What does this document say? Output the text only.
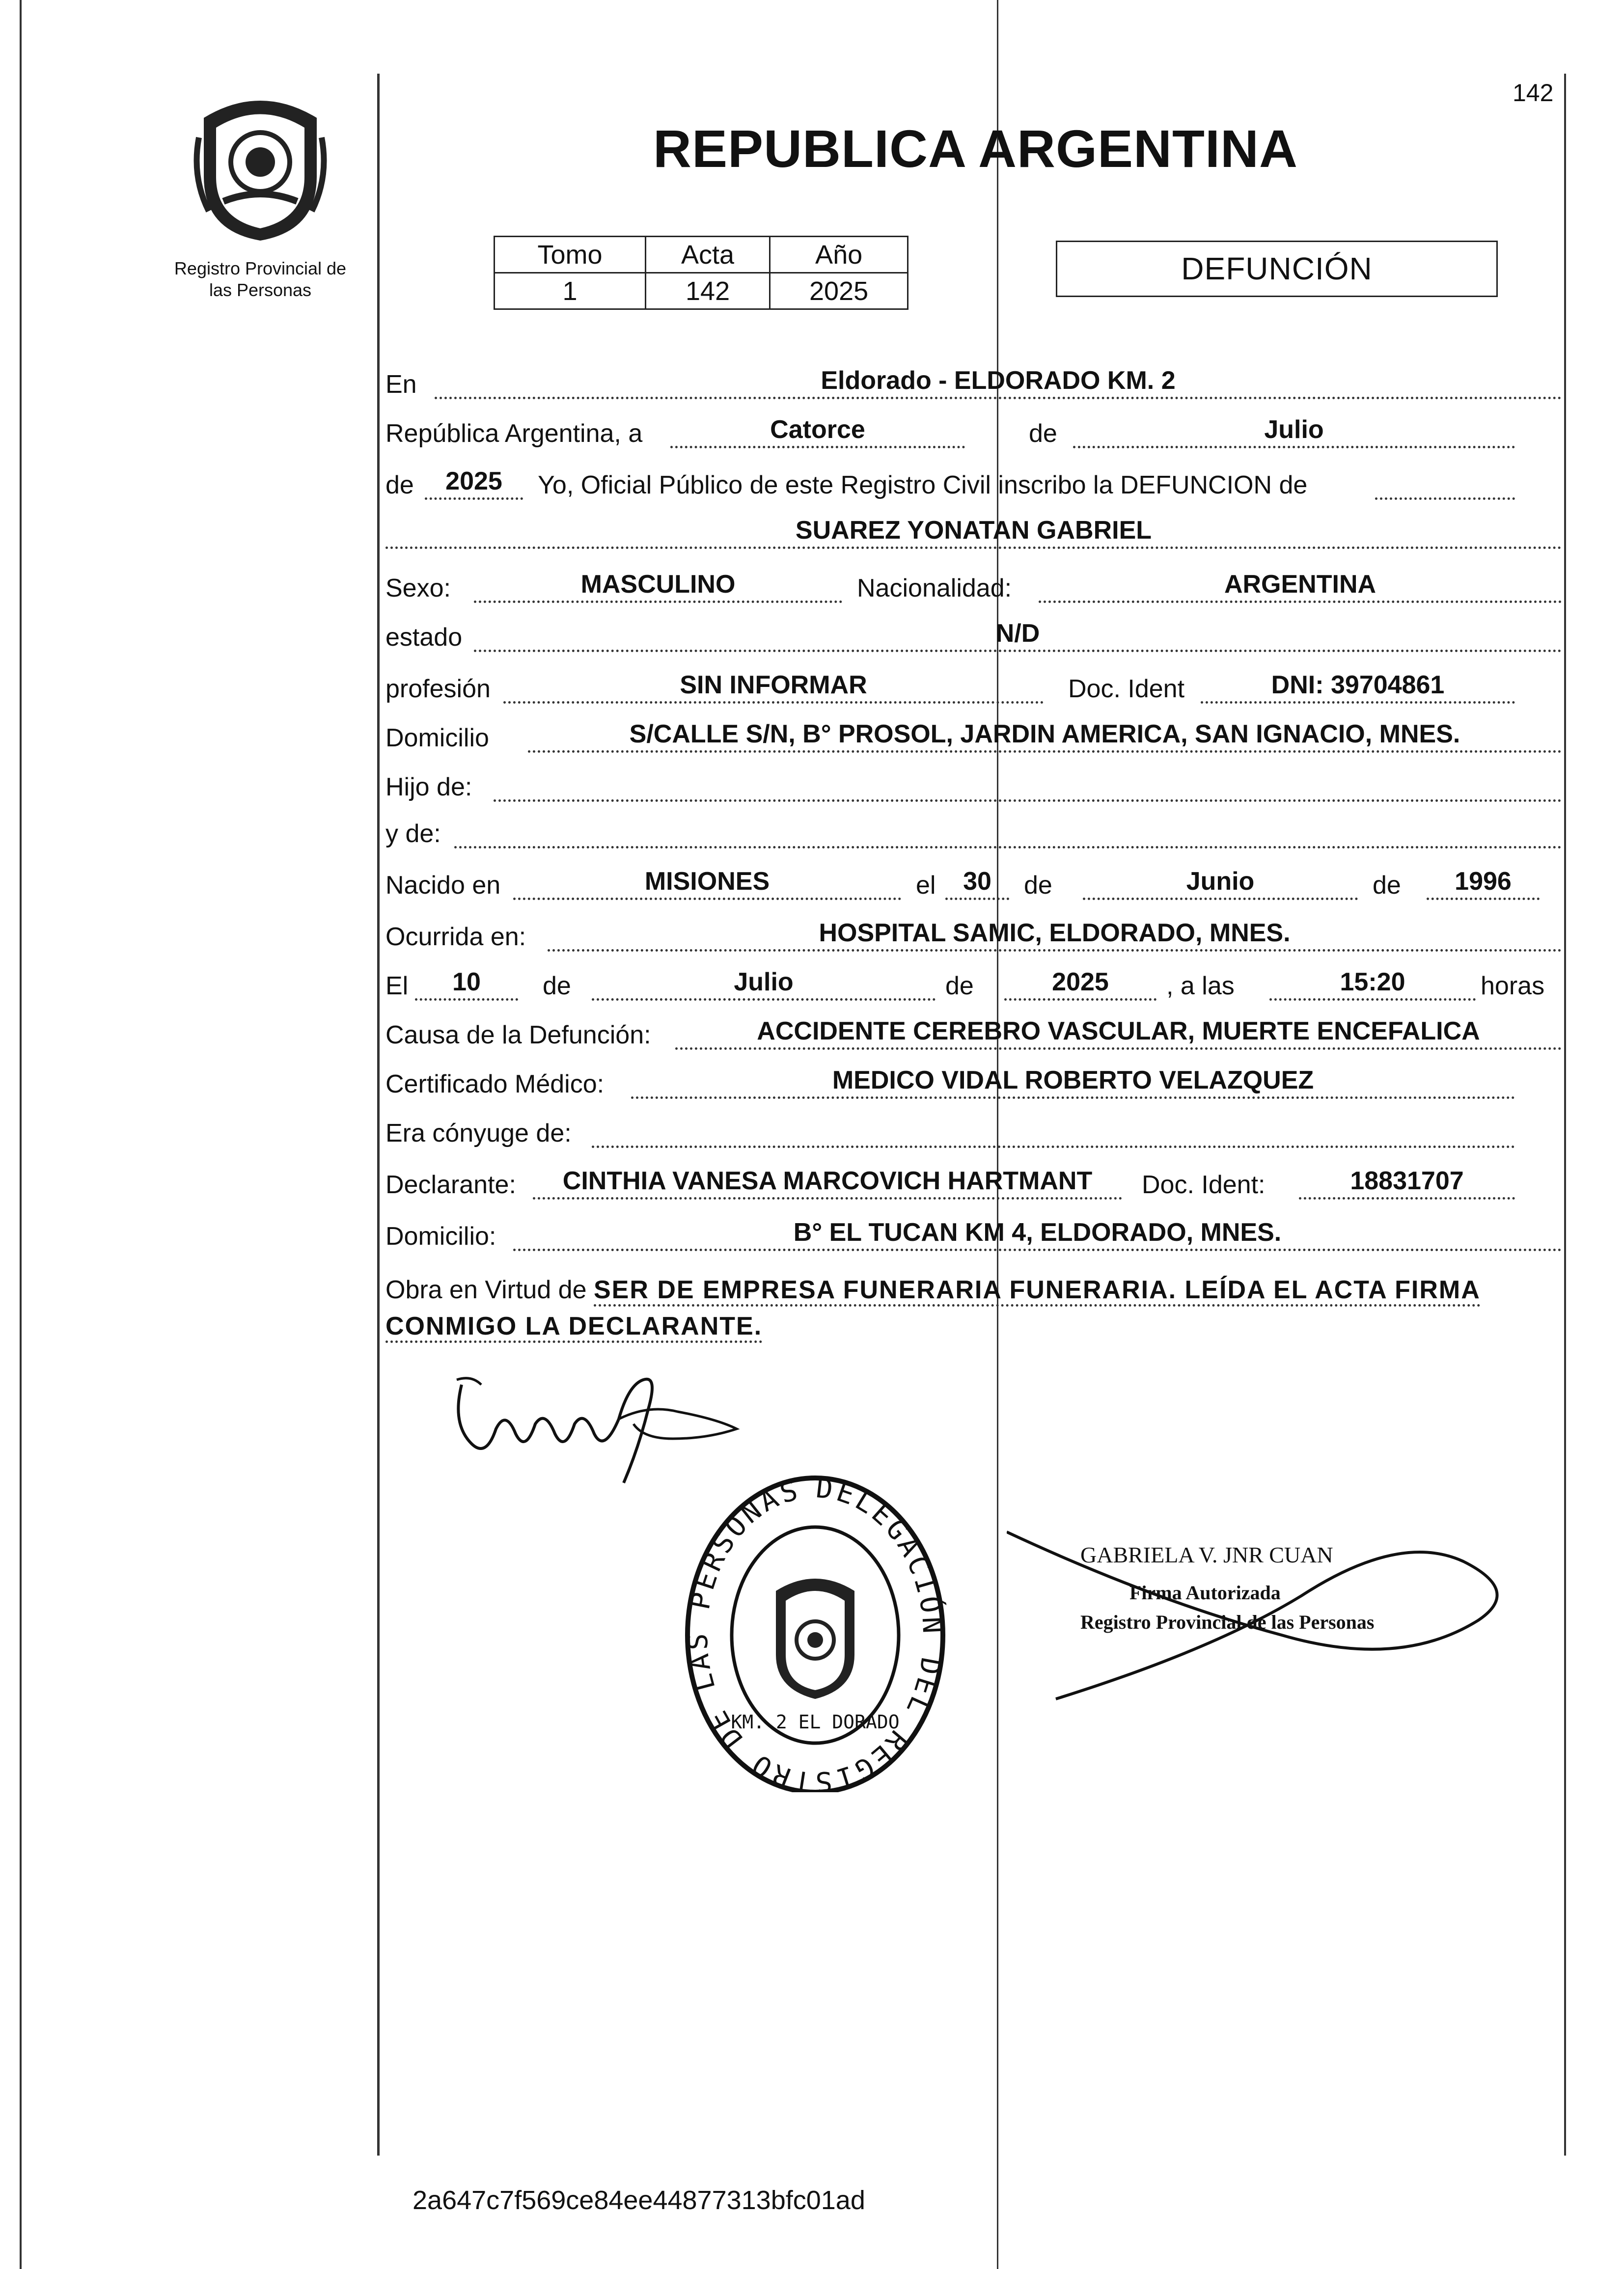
142
Registro Provincial de
las Personas
REPUBLICA ARGENTINA
Tomo	Acta	Año
1	142	2025
DEFUNCIÓN
En	Eldorado - ELDORADO KM. 2
República Argentina, a	Catorce	de	Julio
de	2025	Yo, Oficial Público de este Registro Civil inscribo la DEFUNCION de
SUAREZ YONATAN GABRIEL
Sexo:	MASCULINO	Nacionalidad:	ARGENTINA
estado	N/D
profesión	SIN INFORMAR	Doc. Ident	DNI: 39704861
Domicilio	S/CALLE S/N, B° PROSOL, JARDIN AMERICA, SAN IGNACIO, MNES.
Hijo de:
y de:
Nacido en	MISIONES	el	30	de	Junio	de	1996
Ocurrida en:	HOSPITAL SAMIC, ELDORADO, MNES.
El	10	de	Julio	de	2025	, a las	15:20	horas
Causa de la Defunción:	ACCIDENTE CEREBRO VASCULAR, MUERTE ENCEFALICA
Certificado Médico:	MEDICO VIDAL ROBERTO VELAZQUEZ
Era cónyuge de:
Declarante:	CINTHIA VANESA MARCOVICH HARTMANT	Doc. Ident:	18831707
Domicilio:	B° EL TUCAN KM 4, ELDORADO, MNES.
Obra en Virtud de SER DE EMPRESA FUNERARIA FUNERARIA. LEÍDA EL ACTA FIRMA
CONMIGO LA DECLARANTE.
DELEGACIÓN DEL REGISTRO DE LAS PERSONAS
KM. 2 EL DORADO
GABRIELA V. JNR CUAN
Firma Autorizada
Registro Provincial de las Personas
2a647c7f569ce84ee44877313bfc01ad
